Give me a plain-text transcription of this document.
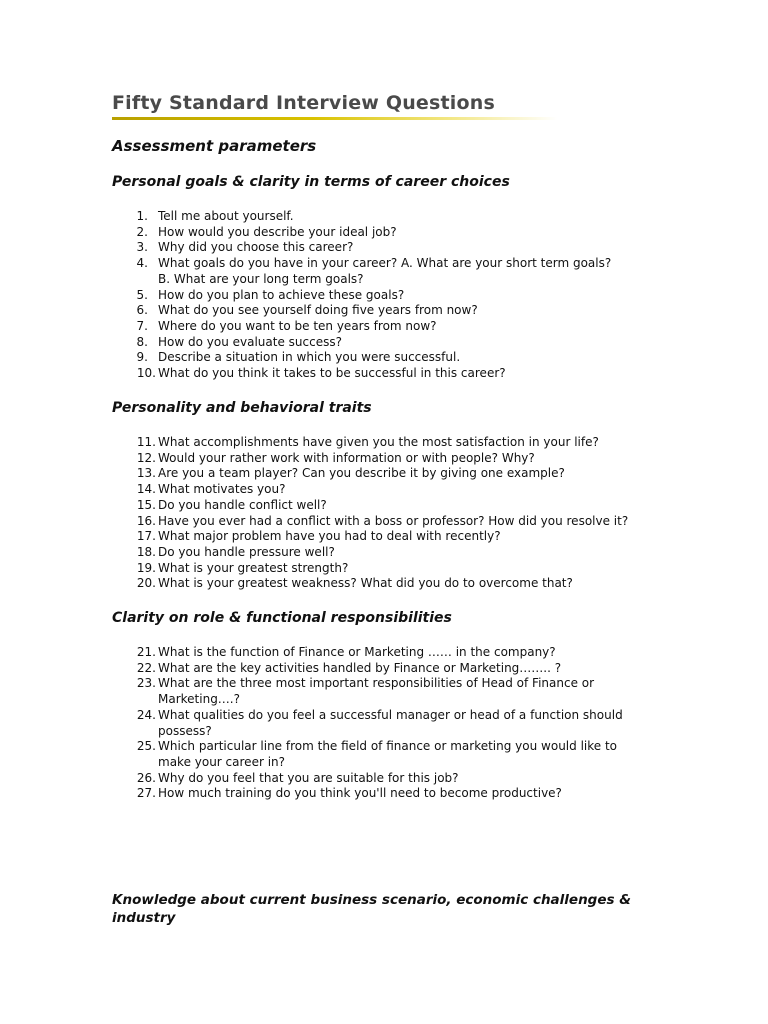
Fifty Standard Interview Questions
Assessment parameters
Personal goals & clarity in terms of career choices
1. Tell me about yourself.
2. How would you describe your ideal job?
3. Why did you choose this career?
4. What goals do you have in your career? A. What are your short term goals?
B. What are your long term goals?
5. How do you plan to achieve these goals?
6. What do you see yourself doing five years from now?
7. Where do you want to be ten years from now?
8. How do you evaluate success?
9. Describe a situation in which you were successful.
10. What do you think it takes to be successful in this career?
Personality and behavioral traits
11. What accomplishments have given you the most satisfaction in your life?
12. Would your rather work with information or with people? Why?
13. Are you a team player? Can you describe it by giving one example?
14. What motivates you?
15. Do you handle conflict well?
16. Have you ever had a conflict with a boss or professor? How did you resolve it?
17. What major problem have you had to deal with recently?
18. Do you handle pressure well?
19. What is your greatest strength?
20. What is your greatest weakness? What did you do to overcome that?
Clarity on role & functional responsibilities
21. What is the function of Finance or Marketing …… in the company?
22. What are the key activities handled by Finance or Marketing…….. ?
23. What are the three most important responsibilities of Head of Finance or
Marketing….?
24. What qualities do you feel a successful manager or head of a function should
possess?
25. Which particular line from the field of finance or marketing you would like to
make your career in?
26. Why do you feel that you are suitable for this job?
27. How much training do you think you'll need to become productive?
Knowledge about current business scenario, economic challenges & industry
